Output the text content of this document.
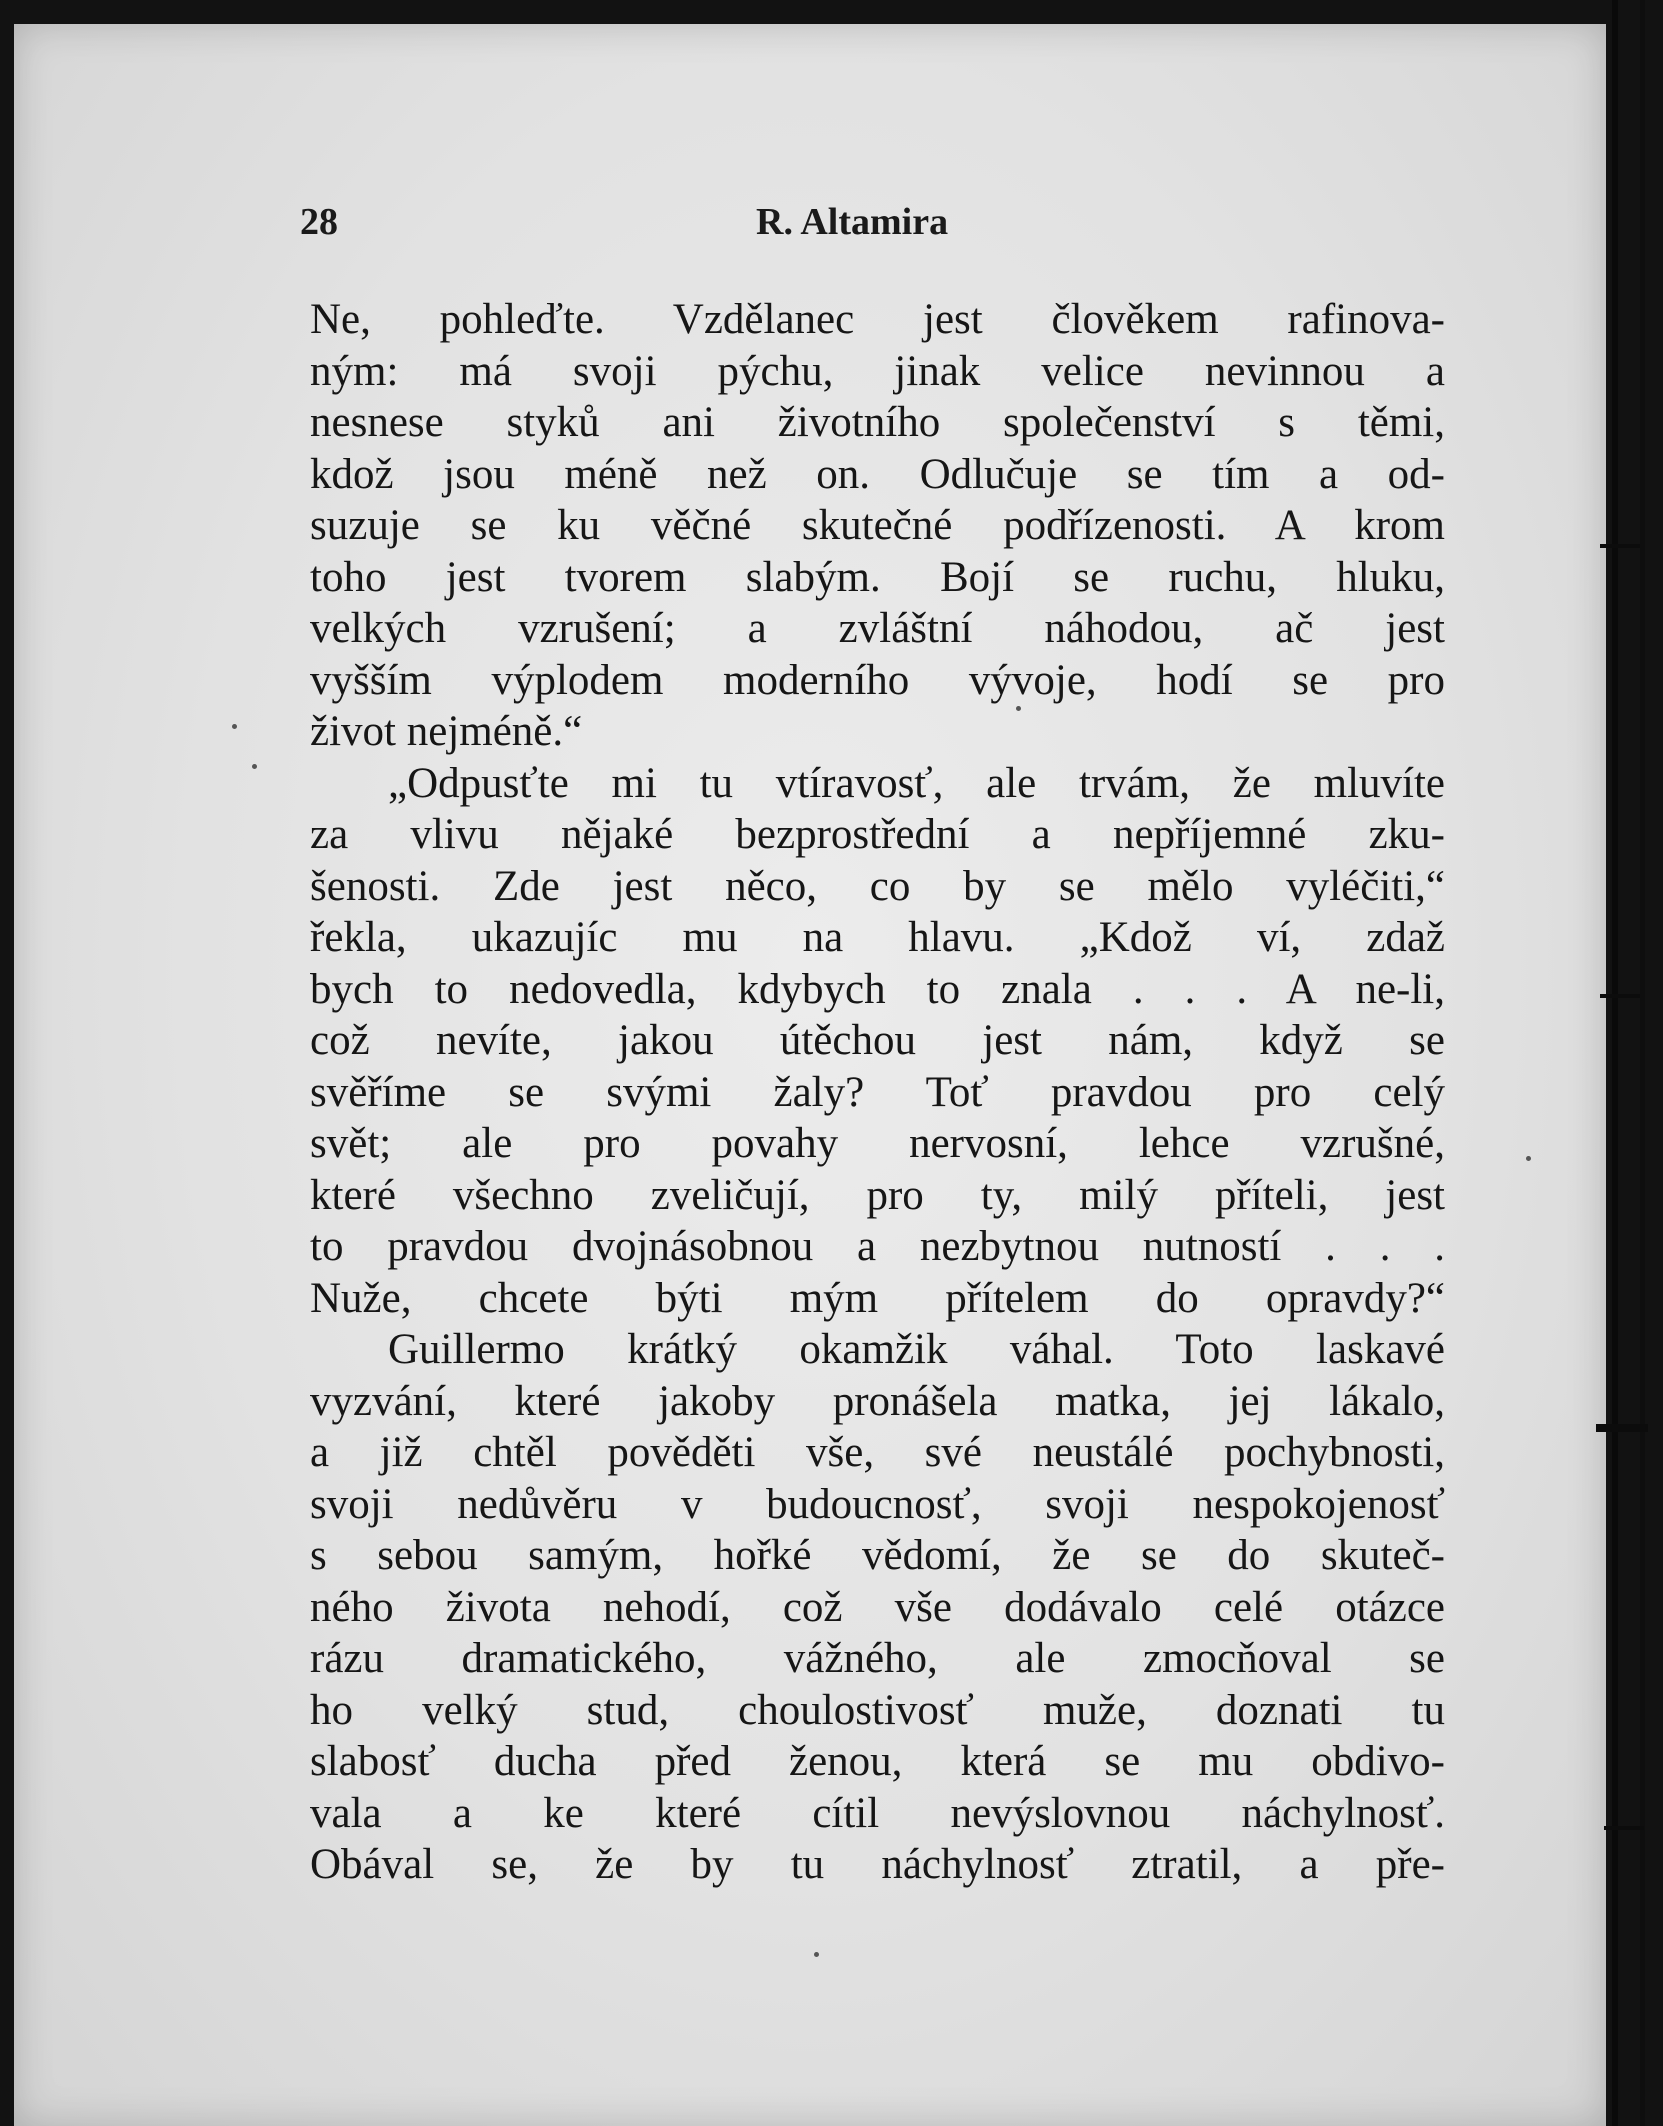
28	R. Altamira
Ne, pohleďte. Vzdělanec jest člověkem rafinova-
ným: má svoji pýchu, jinak velice nevinnou a
nesnese styků ani životního společenství s těmi,
kdož jsou méně než on. Odlučuje se tím a od-
suzuje se ku věčné skutečné podřízenosti. A krom
toho jest tvorem slabým. Bojí se ruchu, hluku,
velkých vzrušení; a zvláštní náhodou, ač jest
vyšším výplodem moderního vývoje, hodí se pro
život nejméně.“
„Odpusťte mi tu vtíravosť, ale trvám, že mluvíte
za vlivu nějaké bezprostřední a nepříjemné zku-
šenosti. Zde jest něco, co by se mělo vyléčiti,“
řekla, ukazujíc mu na hlavu. „Kdož ví, zdaž
bych to nedovedla, kdybych to znala . . . A ne-li,
což nevíte, jakou útěchou jest nám, když se
svěříme se svými žaly? Toť pravdou pro celý
svět; ale pro povahy nervosní, lehce vzrušné,
které všechno zveličují, pro ty, milý příteli, jest
to pravdou dvojnásobnou a nezbytnou nutností . . .
Nuže, chcete býti mým přítelem do opravdy?“
Guillermo krátký okamžik váhal. Toto laskavé
vyzvání, které jakoby pronášela matka, jej lákalo,
a již chtěl pověděti vše, své neustálé pochybnosti,
svoji nedůvěru v budoucnosť, svoji nespokojenosť
s sebou samým, hořké vědomí, že se do skuteč-
ného života nehodí, což vše dodávalo celé otázce
rázu dramatického, vážného, ale zmocňoval se
ho velký stud, choulostivosť muže, doznati tu
slabosť ducha před ženou, která se mu obdivo-
vala a ke které cítil nevýslovnou náchylnosť.
Obával se, že by tu náchylnosť ztratil, a pře-
